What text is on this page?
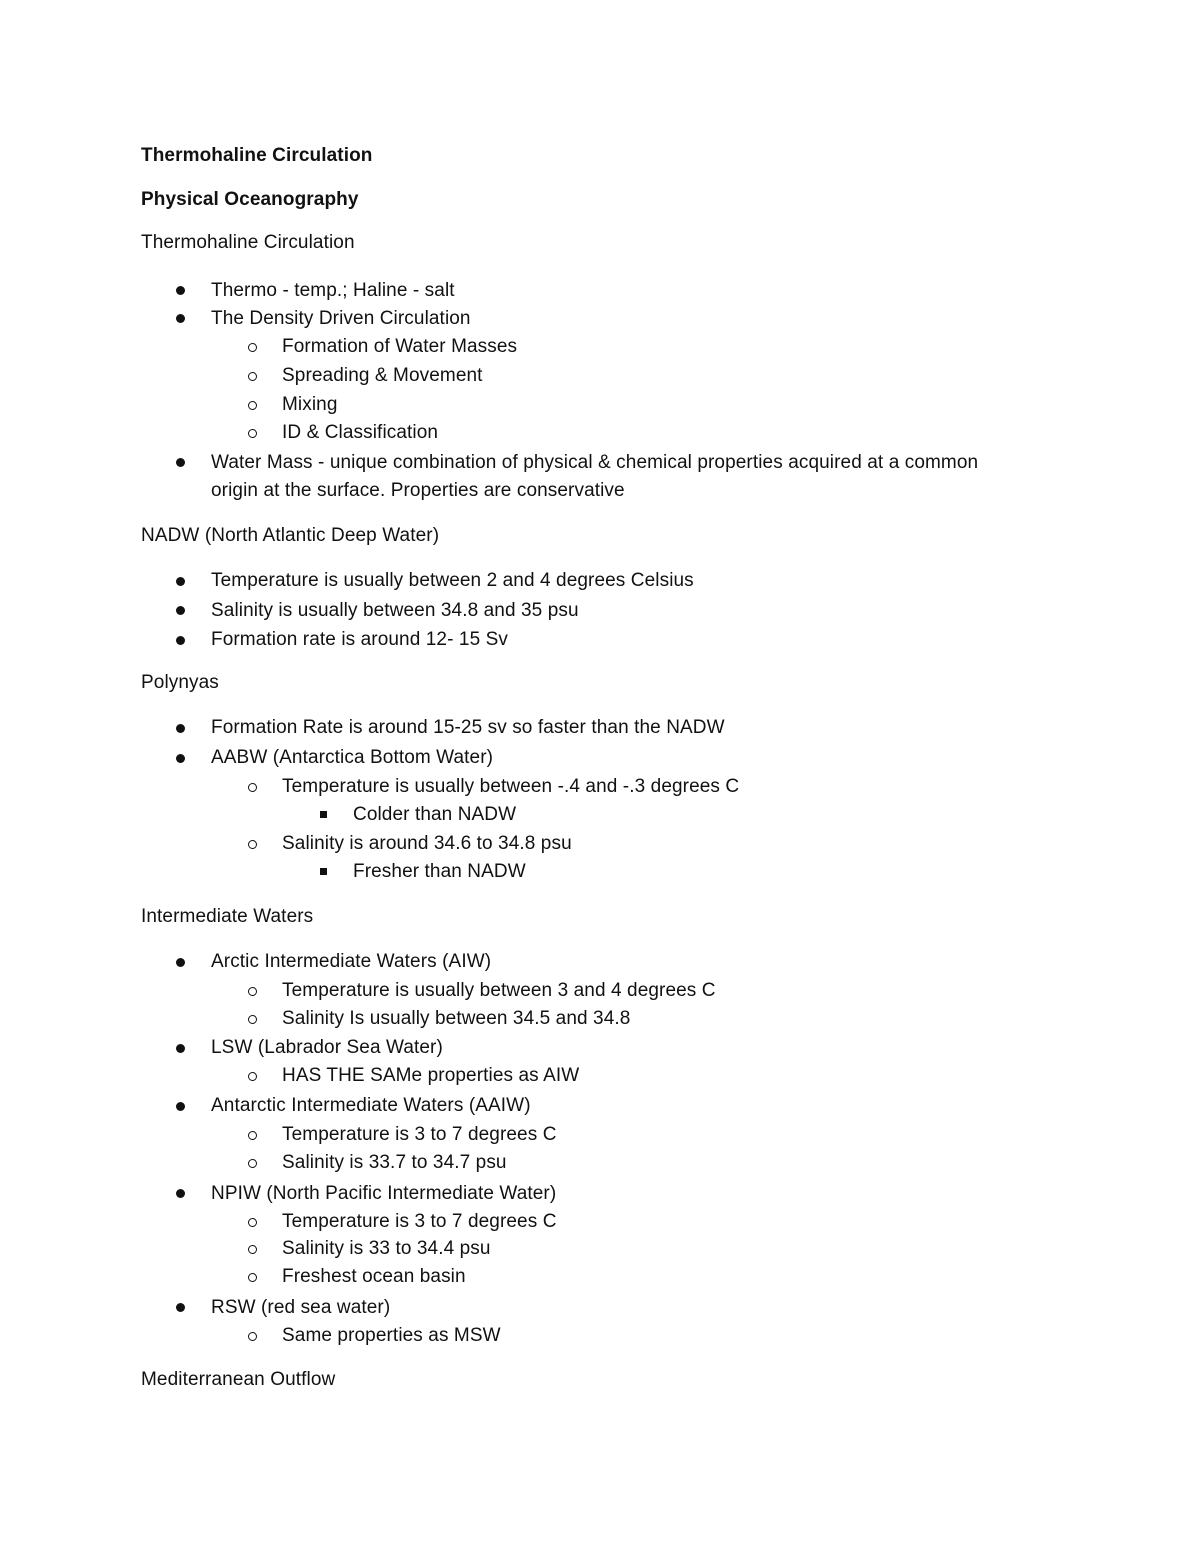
Thermohaline Circulation
Physical Oceanography
Thermohaline Circulation
Thermo - temp.; Haline - salt
The Density Driven Circulation
Formation of Water Masses
Spreading & Movement
Mixing
ID & Classification
Water Mass - unique combination of physical & chemical properties acquired at a common
origin at the surface. Properties are conservative
NADW (North Atlantic Deep Water)
Temperature is usually between 2 and 4 degrees Celsius
Salinity is usually between 34.8 and 35 psu
Formation rate is around 12- 15 Sv
Polynyas
Formation Rate is around 15-25 sv so faster than the NADW
AABW (Antarctica Bottom Water)
Temperature is usually between -.4 and -.3 degrees C
Colder than NADW
Salinity is around 34.6 to 34.8 psu
Fresher than NADW
Intermediate Waters
Arctic Intermediate Waters (AIW)
Temperature is usually between 3 and 4 degrees C
Salinity Is usually between 34.5 and 34.8
LSW (Labrador Sea Water)
HAS THE SAMe properties as AIW
Antarctic Intermediate Waters (AAIW)
Temperature is 3 to 7 degrees C
Salinity is 33.7 to 34.7 psu
NPIW (North Pacific Intermediate Water)
Temperature is 3 to 7 degrees C
Salinity is 33 to 34.4 psu
Freshest ocean basin
RSW (red sea water)
Same properties as MSW
Mediterranean Outflow
